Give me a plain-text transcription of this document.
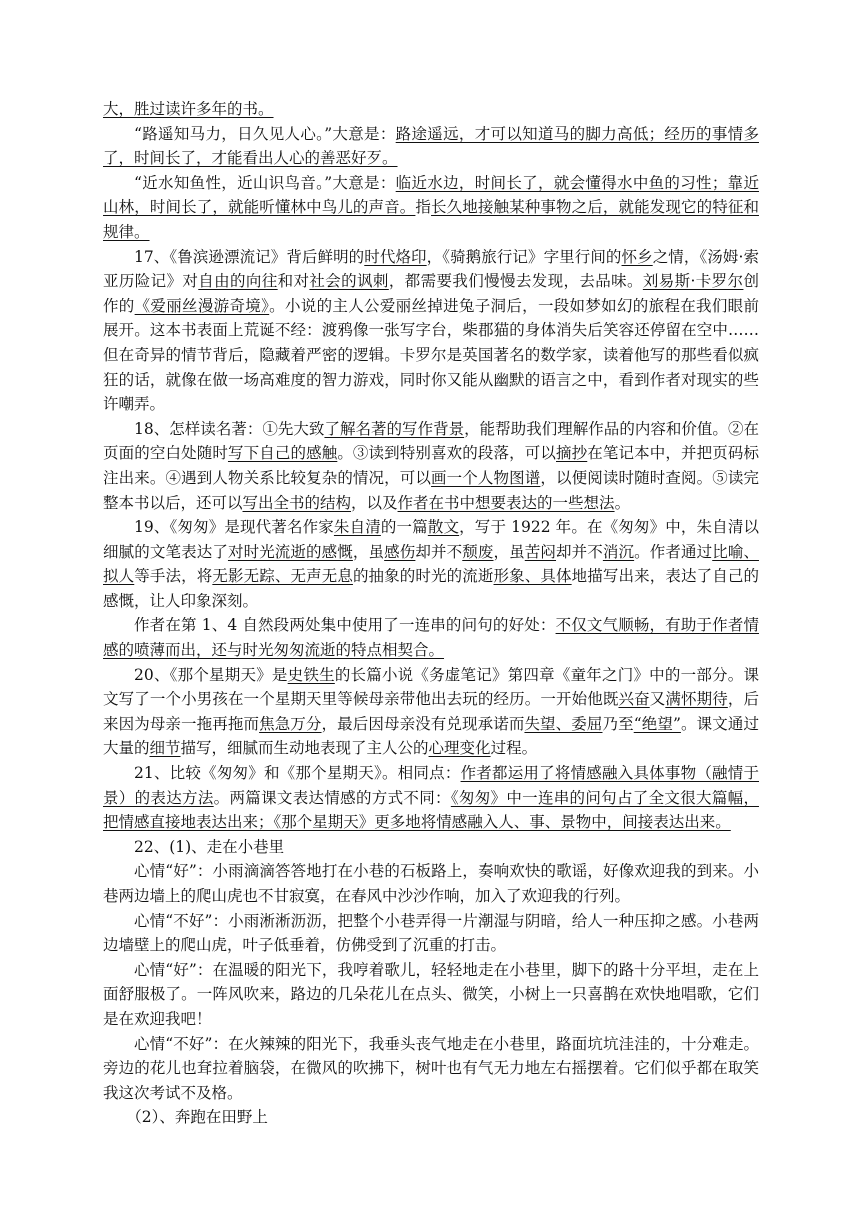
大，胜过读许多年的书。

“路遥知马力，日久见人心。”大意是：路途遥远，才可以知道马的脚力高低；经历的事情多了，时间长了，才能看出人心的善恶好歹。

“近水知鱼性，近山识鸟音。”大意是：临近水边，时间长了，就会懂得水中鱼的习性；靠近山林，时间长了，就能听懂林中鸟儿的声音。指长久地接触某种事物之后，就能发现它的特征和规律。

17、《鲁滨逊漂流记》背后鲜明的时代烙印，《骑鹅旅行记》字里行间的怀乡之情，《汤姆·索亚历险记》对自由的向往和对社会的讽刺，都需要我们慢慢去发现，去品味。刘易斯·卡罗尔创作的《爱丽丝漫游奇境》。小说的主人公爱丽丝掉进兔子洞后，一段如梦如幻的旅程在我们眼前展开。这本书表面上荒诞不经：渡鸦像一张写字台，柴郡猫的身体消失后笑容还停留在空中……但在奇异的情节背后，隐藏着严密的逻辑。卡罗尔是英国著名的数学家，读着他写的那些看似疯狂的话，就像在做一场高难度的智力游戏，同时你又能从幽默的语言之中，看到作者对现实的些许嘲弄。

18、怎样读名著：①先大致了解名著的写作背景，能帮助我们理解作品的内容和价值。②在页面的空白处随时写下自己的感触。③读到特别喜欢的段落，可以摘抄在笔记本中，并把页码标注出来。④遇到人物关系比较复杂的情况，可以画一个人物图谱，以便阅读时随时查阅。⑤读完整本书以后，还可以写出全书的结构，以及作者在书中想要表达的一些想法。

19、《匆匆》是现代著名作家朱自清的一篇散文，写于 1922 年。在《匆匆》中，朱自清以细腻的文笔表达了对时光流逝的感慨，虽感伤却并不颓废，虽苦闷却并不消沉。作者通过比喻、拟人等手法，将无影无踪、无声无息的抽象的时光的流逝形象、具体地描写出来，表达了自己的感慨，让人印象深刻。

作者在第 1、4 自然段两处集中使用了一连串的问句的好处：不仅文气顺畅，有助于作者情感的喷薄而出，还与时光匆匆流逝的特点相契合。

20、《那个星期天》是史铁生的长篇小说《务虚笔记》第四章《童年之门》中的一部分。课文写了一个小男孩在一个星期天里等候母亲带他出去玩的经历。一开始他既兴奋又满怀期待，后来因为母亲一拖再拖而焦急万分，最后因母亲没有兑现承诺而失望、委屈乃至“绝望”。课文通过大量的细节描写，细腻而生动地表现了主人公的心理变化过程。

21、比较《匆匆》和《那个星期天》。相同点：作者都运用了将情感融入具体事物（融情于景）的表达方法。两篇课文表达情感的方式不同：《匆匆》中一连串的问句占了全文很大篇幅，把情感直接地表达出来；《那个星期天》更多地将情感融入人、事、景物中，间接表达出来。

22、(1)、走在小巷里

心情“好”：小雨滴滴答答地打在小巷的石板路上，奏响欢快的歌谣，好像欢迎我的到来。小巷两边墙上的爬山虎也不甘寂寞，在春风中沙沙作响，加入了欢迎我的行列。

心情“不好”：小雨淅淅沥沥，把整个小巷弄得一片潮湿与阴暗，给人一种压抑之感。小巷两边墙壁上的爬山虎，叶子低垂着，仿佛受到了沉重的打击。

心情“好”：在温暖的阳光下，我哼着歌儿，轻轻地走在小巷里，脚下的路十分平坦，走在上面舒服极了。一阵风吹来，路边的几朵花儿在点头、微笑，小树上一只喜鹊在欢快地唱歌，它们是在欢迎我吧！

心情“不好”：在火辣辣的阳光下，我垂头丧气地走在小巷里，路面坑坑洼洼的，十分难走。旁边的花儿也耷拉着脑袋，在微风的吹拂下，树叶也有气无力地左右摇摆着。它们似乎都在取笑我这次考试不及格。

（2）、奔跑在田野上
